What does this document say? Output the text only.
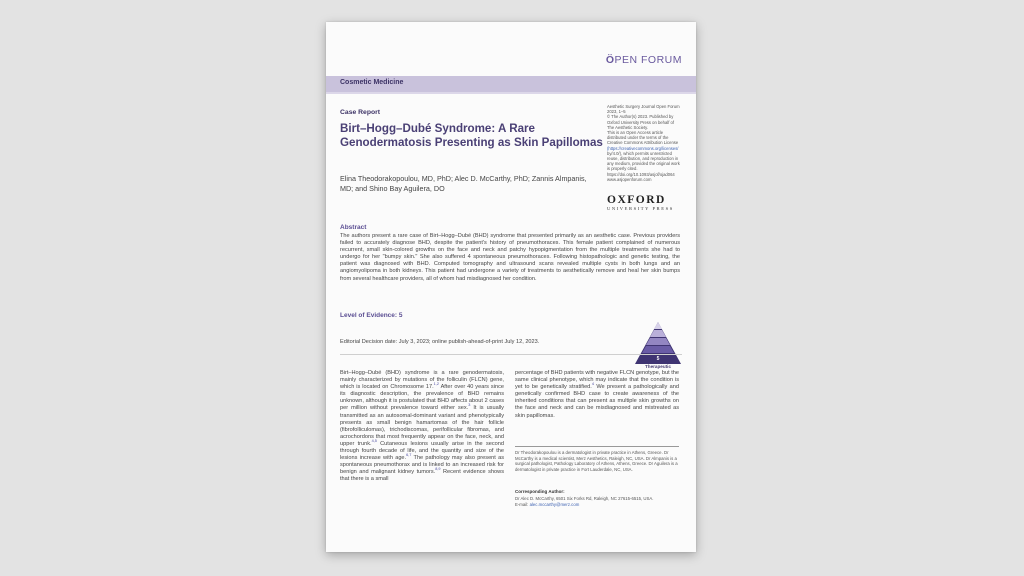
ÖPEN FORUM
Cosmetic Medicine
Case Report
Birt–Hogg–Dubé Syndrome: A Rare Genodermatosis Presenting as Skin Papillomas
Elina Theodorakopoulou, MD, PhD; Alec D. McCarthy, PhD; Zannis Almpanis, MD; and Shino Bay Aguilera, DO
Aesthetic Surgery Journal Open Forum
2023, 1–5
© The Author(s) 2023. Published by
Oxford University Press on behalf of
The Aesthetic Society.
This is an Open Access article
distributed under the terms of the
Creative Commons Attribution License
(https://creativecommons.org/licenses/
by/4.0/), which permits unrestricted
reuse, distribution, and reproduction in
any medium, provided the original work
is properly cited.
https://doi.org/10.1093/asjof/ojad064
www.asjopenforum.com
OXFORD
UNIVERSITY PRESS
Abstract
The authors present a rare case of Birt–Hogg–Dubé (BHD) syndrome that presented primarily as an aesthetic case. Previous providers failed to accurately diagnose BHD, despite the patient's history of pneumothoraces. This female patient complained of numerous recurrent, small skin-colored growths on the face and neck and patchy hypopigmentation from the multiple treatments she had to undergo for her "bumpy skin." She also suffered 4 spontaneous pneumothoraces. Following histopathologic and genetic testing, the patient was diagnosed with BHD. Computed tomography and ultrasound scans revealed multiple cysts in both lungs and an angiomyolipoma in both kidneys. This patient had undergone a variety of treatments to aesthetically remove and heal her skin bumps from several healthcare providers, all of whom had misdiagnosed her condition.
Level of Evidence: 5
5
Therapeutic
Editorial Decision date: July 3, 2023; online publish-ahead-of-print July 12, 2023.
Birt–Hogg–Dubé (BHD) syndrome is a rare genodermatosis, mainly characterized by mutations of the folliculin (FLCN) gene, which is located on Chromosome 17.$^{1,2}$ After over 40 years since its diagnostic description, the prevalence of BHD remains unknown, although it is postulated that BHD affects about 2 cases per million without prevalence toward either sex.$^3$ It is usually transmitted as an autosomal-dominant variant and phenotypically presents as small benign hamartomas of the hair follicle (fibrofolliculomas), trichodiscomas, perifollicular fibromas, and acrochordons that most frequently appear on the face, neck, and upper trunk.$^{4,5}$ Cutaneous lesions usually arise in the second through fourth decade of life, and the quantity and size of the lesions increase with age.$^{6,7}$ The pathology may also present as spontaneous pneumothorax and is linked to an increased risk for benign and malignant kidney tumors.$^{8,9}$ Recent evidence shows that there is a small
percentage of BHD patients with negative FLCN genotype, but the same clinical phenotype, which may indicate that the condition is yet to be genetically stratified.$^4$ We present a pathologically and genetically confirmed BHD case to create awareness of the inherited conditions that can present as multiple skin growths on the face and neck and can be misdiagnosed and mistreated as skin papillomas.
Dr Theodorakopoulou is a dermatologist in private practice in Athens, Greece. Dr McCarthy is a medical scientist, Merz Aesthetics, Raleigh, NC, USA. Dr Almpanis is a surgical pathologist, Pathology Laboratory of Athens, Athens, Greece. Dr Aguilera is a dermatologist in private practice in Fort Lauderdale, NC, USA.
Corresponding Author:
Dr Alec D. McCarthy, 6501 Six Forks Rd, Raleigh, NC 27615-6515, USA.
E-mail: alec.mccarthy@merz.com
